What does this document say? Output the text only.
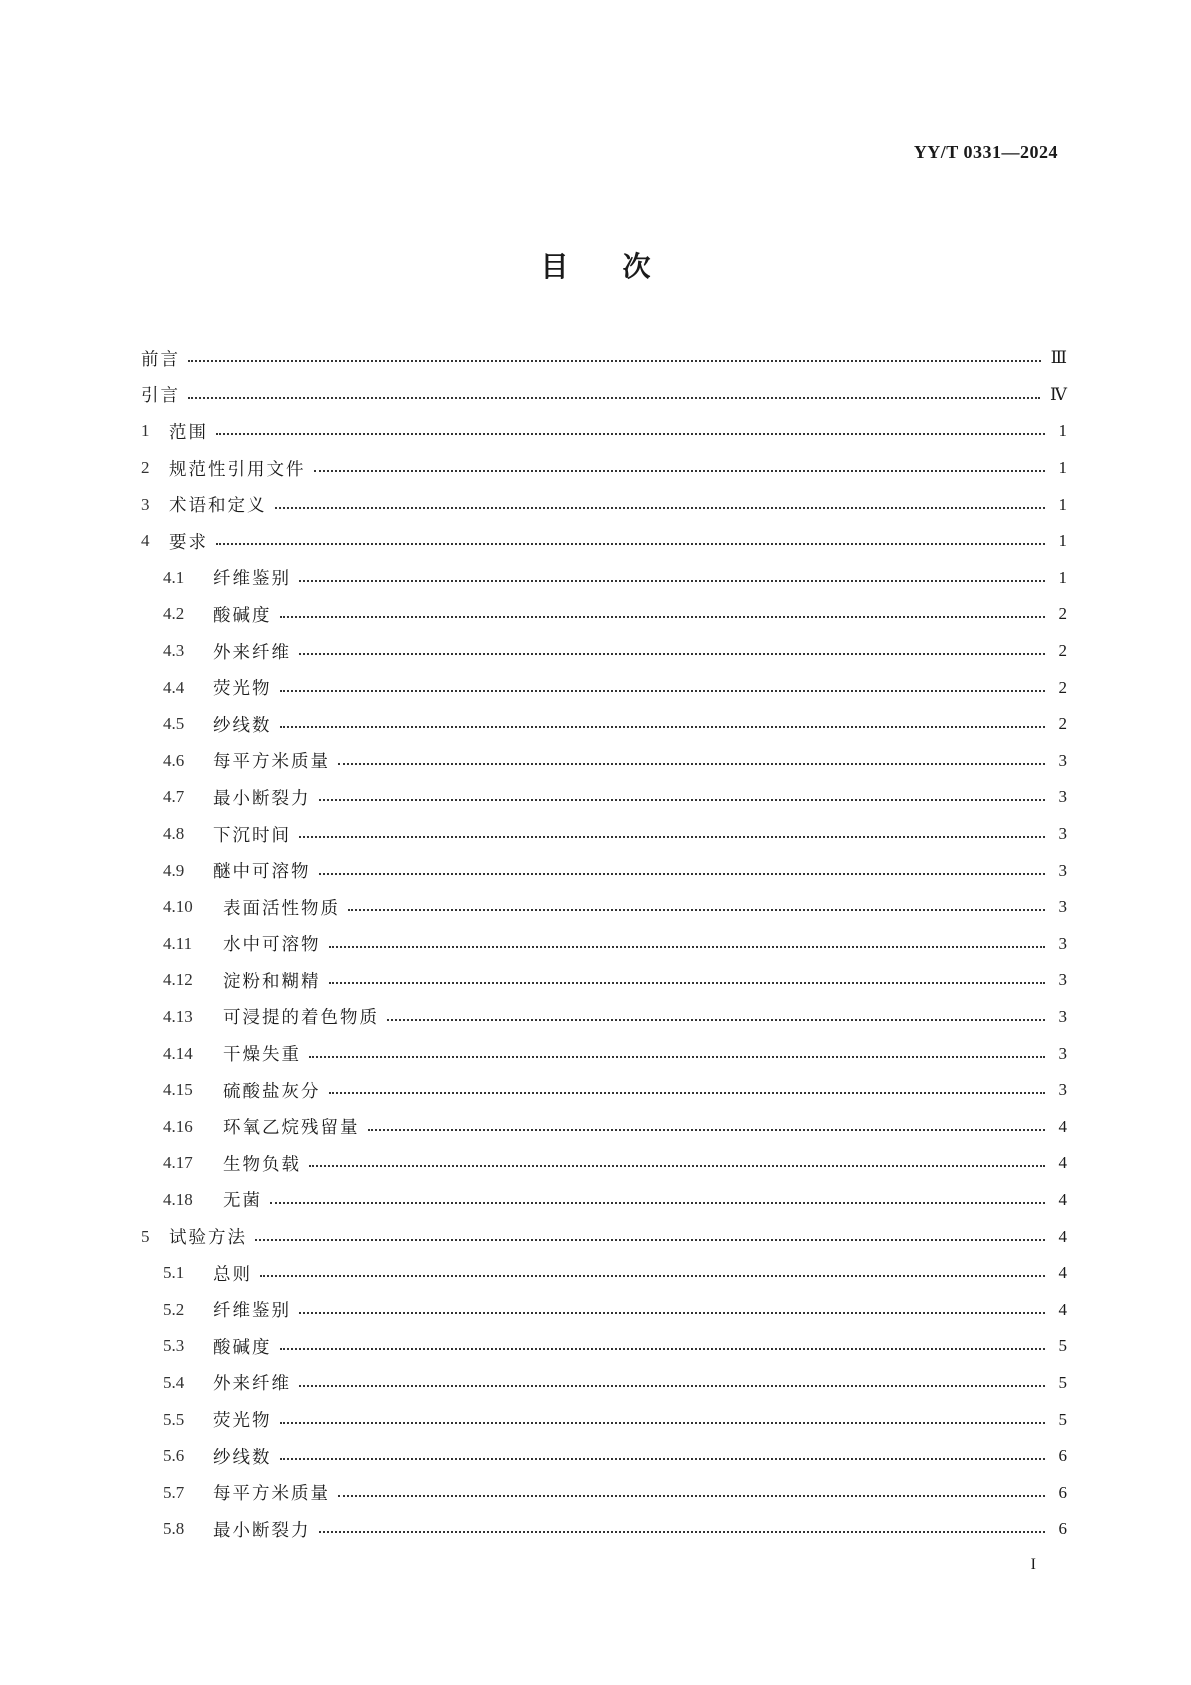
YY/T 0331—2024
目次
前言	Ⅲ
引言	Ⅳ
1	范围	1
2	规范性引用文件	1
3	术语和定义	1
4	要求	1
4.1	纤维鉴别	1
4.2	酸碱度	2
4.3	外来纤维	2
4.4	荧光物	2
4.5	纱线数	2
4.6	每平方米质量	3
4.7	最小断裂力	3
4.8	下沉时间	3
4.9	醚中可溶物	3
4.10	表面活性物质	3
4.11	水中可溶物	3
4.12	淀粉和糊精	3
4.13	可浸提的着色物质	3
4.14	干燥失重	3
4.15	硫酸盐灰分	3
4.16	环氧乙烷残留量	4
4.17	生物负载	4
4.18	无菌	4
5	试验方法	4
5.1	总则	4
5.2	纤维鉴别	4
5.3	酸碱度	5
5.4	外来纤维	5
5.5	荧光物	5
5.6	纱线数	6
5.7	每平方米质量	6
5.8	最小断裂力	6
I
